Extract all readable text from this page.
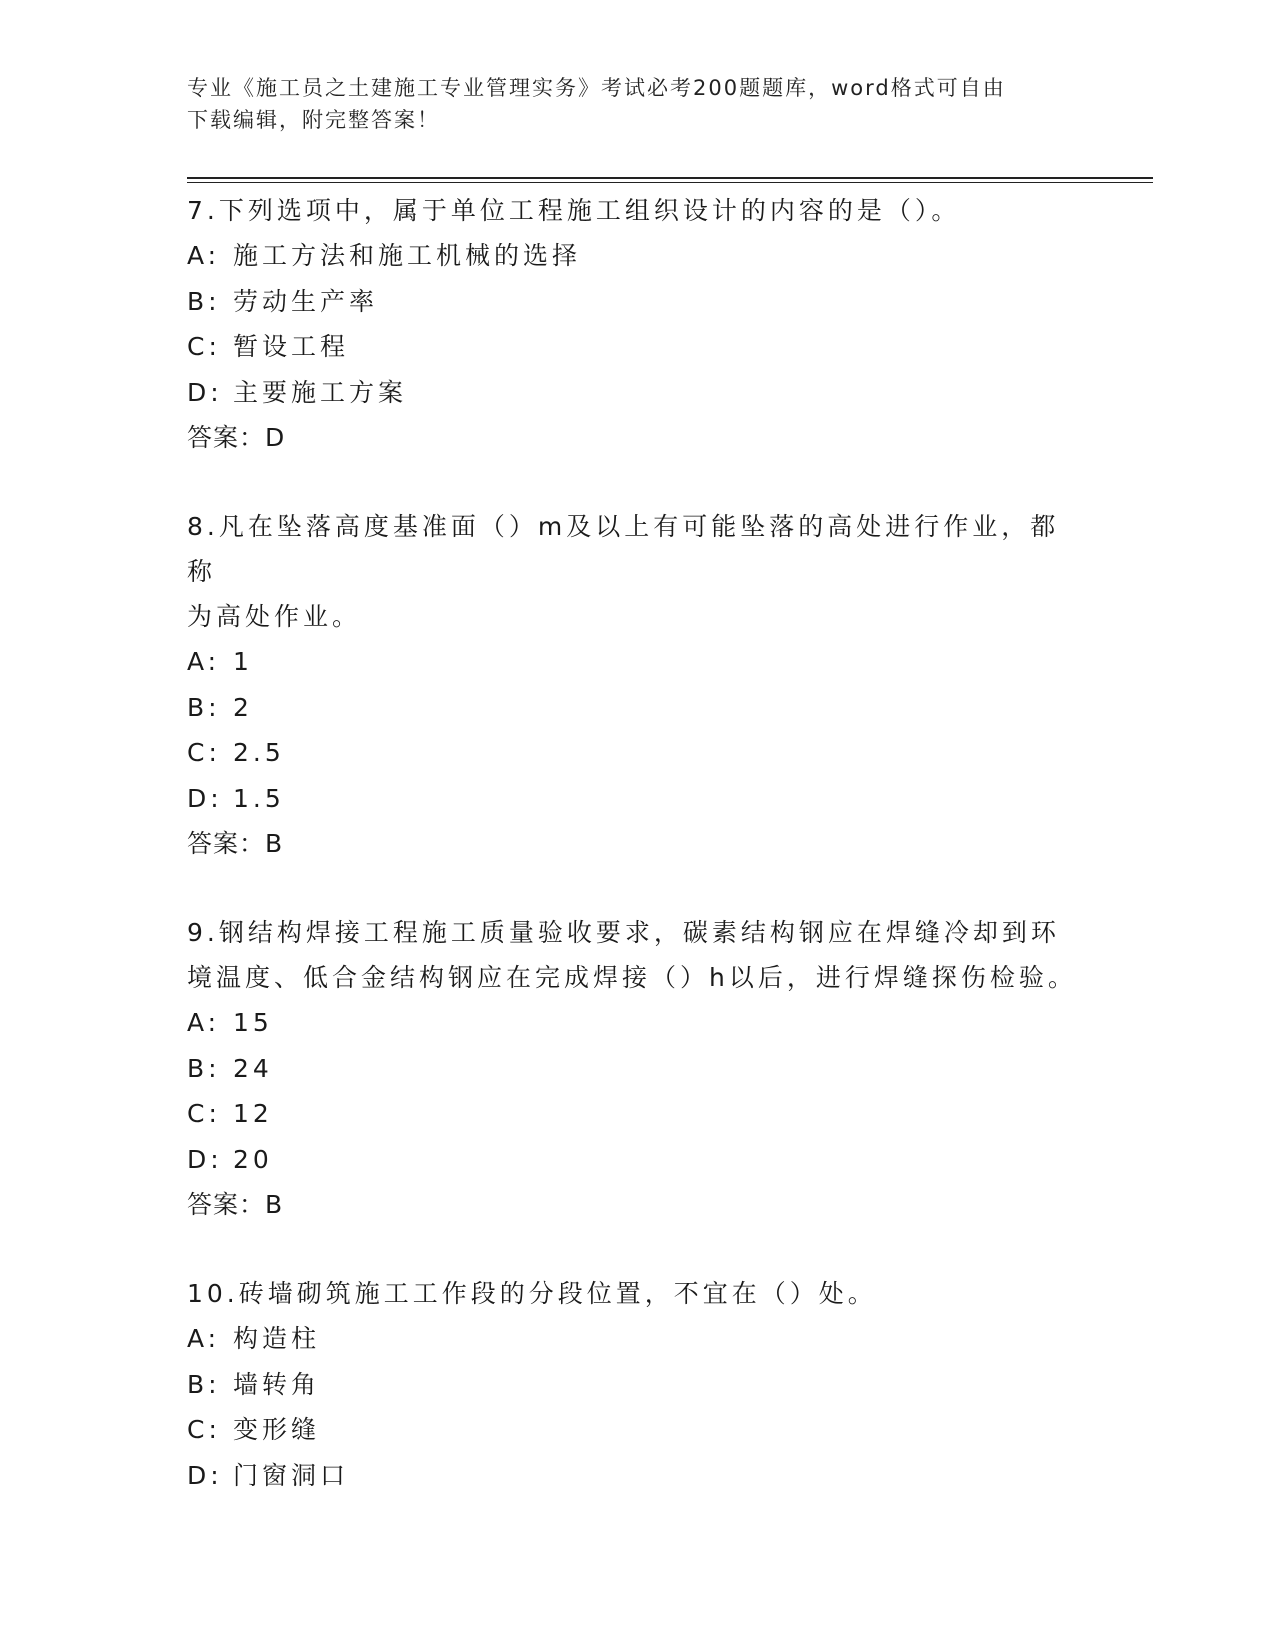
专业《施工员之土建施工专业管理实务》考试必考200题题库，word格式可自由
下载编辑，附完整答案！

7.下列选项中，属于单位工程施工组织设计的内容的是（）。

A: 施工方法和施工机械的选择

B: 劳动生产率

C: 暂设工程

D: 主要施工方案

答案：D

8.凡在坠落高度基准面（）m及以上有可能坠落的高处进行作业，都称

为高处作业。

A: 1

B: 2

C: 2.5

D: 1.5

答案：B

9.钢结构焊接工程施工质量验收要求，碳素结构钢应在焊缝冷却到环

境温度、低合金结构钢应在完成焊接（）h以后，进行焊缝探伤检验。

A: 15

B: 24

C: 12

D: 20

答案：B

10.砖墙砌筑施工工作段的分段位置，不宜在（）处。

A: 构造柱

B: 墙转角

C: 变形缝

D: 门窗洞口
